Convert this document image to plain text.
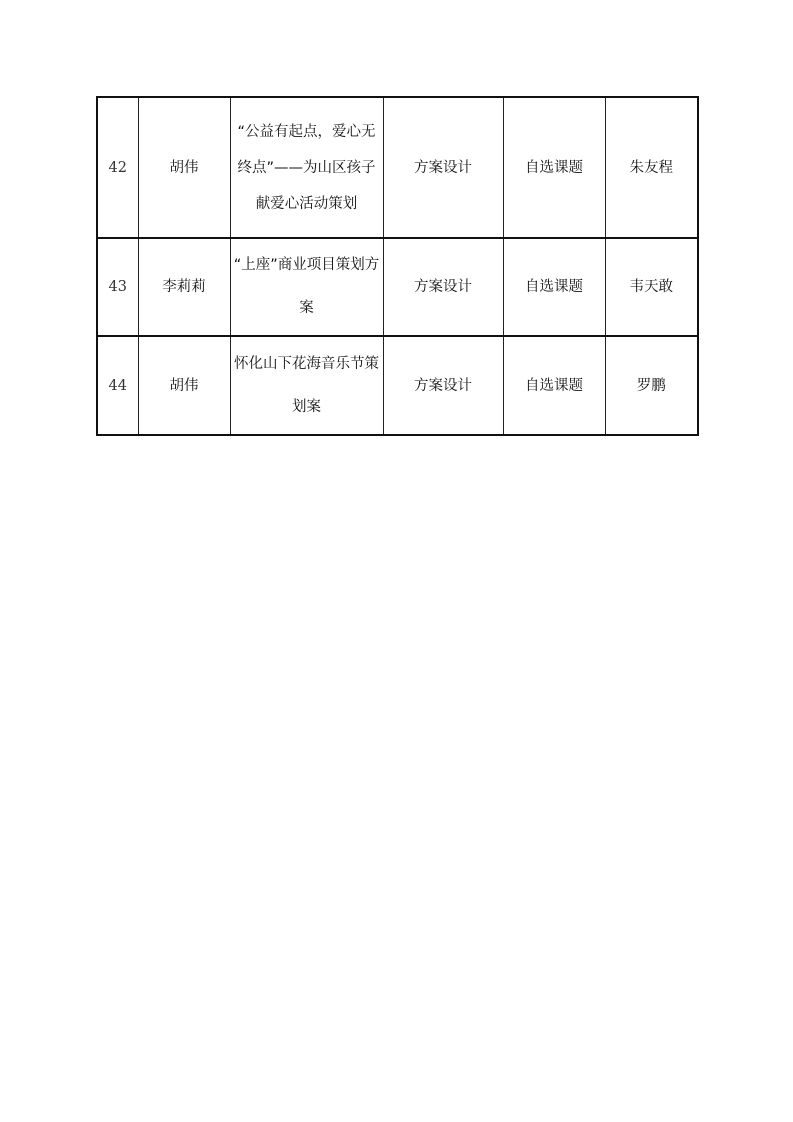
42	胡伟	“公益有起点，爱心无终点”——为山区孩子献爱心活动策划	方案设计	自选课题	朱友程
43	李莉莉	“上座”商业项目策划方案	方案设计	自选课题	韦天敢
44	胡伟	怀化山下花海音乐节策划案	方案设计	自选课题	罗鹏
